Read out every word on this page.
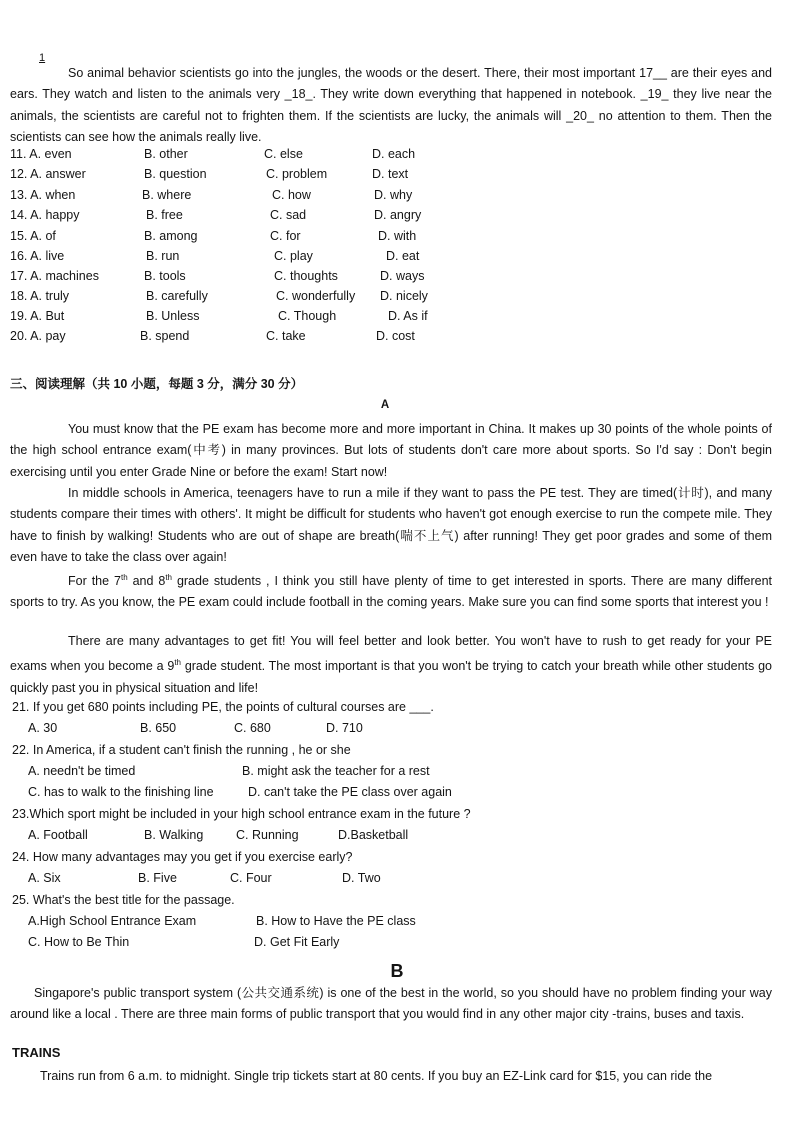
1
So animal behavior scientists go into the jungles, the woods or the desert. There, their most important 17__ are their eyes and ears. They watch and listen to the animals very _18_. They write down everything that happened in notebook. _19_ they live near the animals, the scientists are careful not to frighten them. If the scientists are lucky, the animals will _20_ no attention to them. Then the scientists can see how the animals really live.
11. A. even	B. other	C. else	D. each
12. A. answer	B. question	C. problem	D. text
13. A. when	B. where	C. how	D. why
14. A. happy	B. free	C. sad	D. angry
15. A. of	B. among	C. for	D. with
16. A. live	B. run	C. play	D. eat
17. A. machines	B. tools	C. thoughts	D. ways
18. A. truly	B. carefully	C. wonderfully D. nicely
19. A. But	B. Unless	C. Though	D. As if
20. A. pay	B. spend	C. take	D. cost
三、阅读理解（共 10 小题，每题 3 分，满分 30 分）
A
You must know that the PE exam has become more and more important in China. It makes up 30 points of the whole points of the high school entrance exam(中考) in many provinces. But lots of students don't care more about sports. So I'd say : Don't begin exercising until you enter Grade Nine or before the exam! Start now!
In middle schools in America, teenagers have to run a mile if they want to pass the PE test. They are timed(计时), and many students compare their times with others'. It might be difficult for students who haven't got enough exercise to run the compete mile. They have to finish by walking! Students who are out of shape are breath(喘不上气) after running! They get poor grades and some of them even have to take the class over again!
For the 7th and 8th grade students , I think you still have plenty of time to get interested in sports. There are many different sports to try. As you know, the PE exam could include football in the coming years. Make sure you can find some sports that interest you !
There are many advantages to get fit! You will feel better and look better. You won't have to rush to get ready for your PE exams when you become a 9th grade student. The most important is that you won't be trying to catch your breath while other students go quickly past you in physical situation and life!
21. If you get 680 points including PE, the points of cultural courses are ___.
A. 30	B. 650	C. 680	D. 710
22. In America, if a student can't finish the running , he or she
A. needn't be timed	B. might ask the teacher for a rest
C. has to walk to the finishing line	D. can't take the PE class over again
23.Which sport might be included in your high school entrance exam in the future ?
A. Football	B. Walking	C. Running	D.Basketball
24. How many advantages may you get if you exercise early?
A. Six	B. Five	C. Four	D. Two
25. What's the best title for the passage.
A.High School Entrance Exam	B. How to Have the PE class
C. How to Be Thin	D. Get Fit Early
B
Singapore's public transport system (公共交通系统) is one of the best in the world, so you should have no problem finding your way around like a local . There are three main forms of public transport that you would find in any other major city -trains, buses and taxis.
TRAINS
Trains run from 6 a.m. to midnight. Single trip tickets start at 80 cents. If you buy an EZ-Link card for $15, you can ride the
